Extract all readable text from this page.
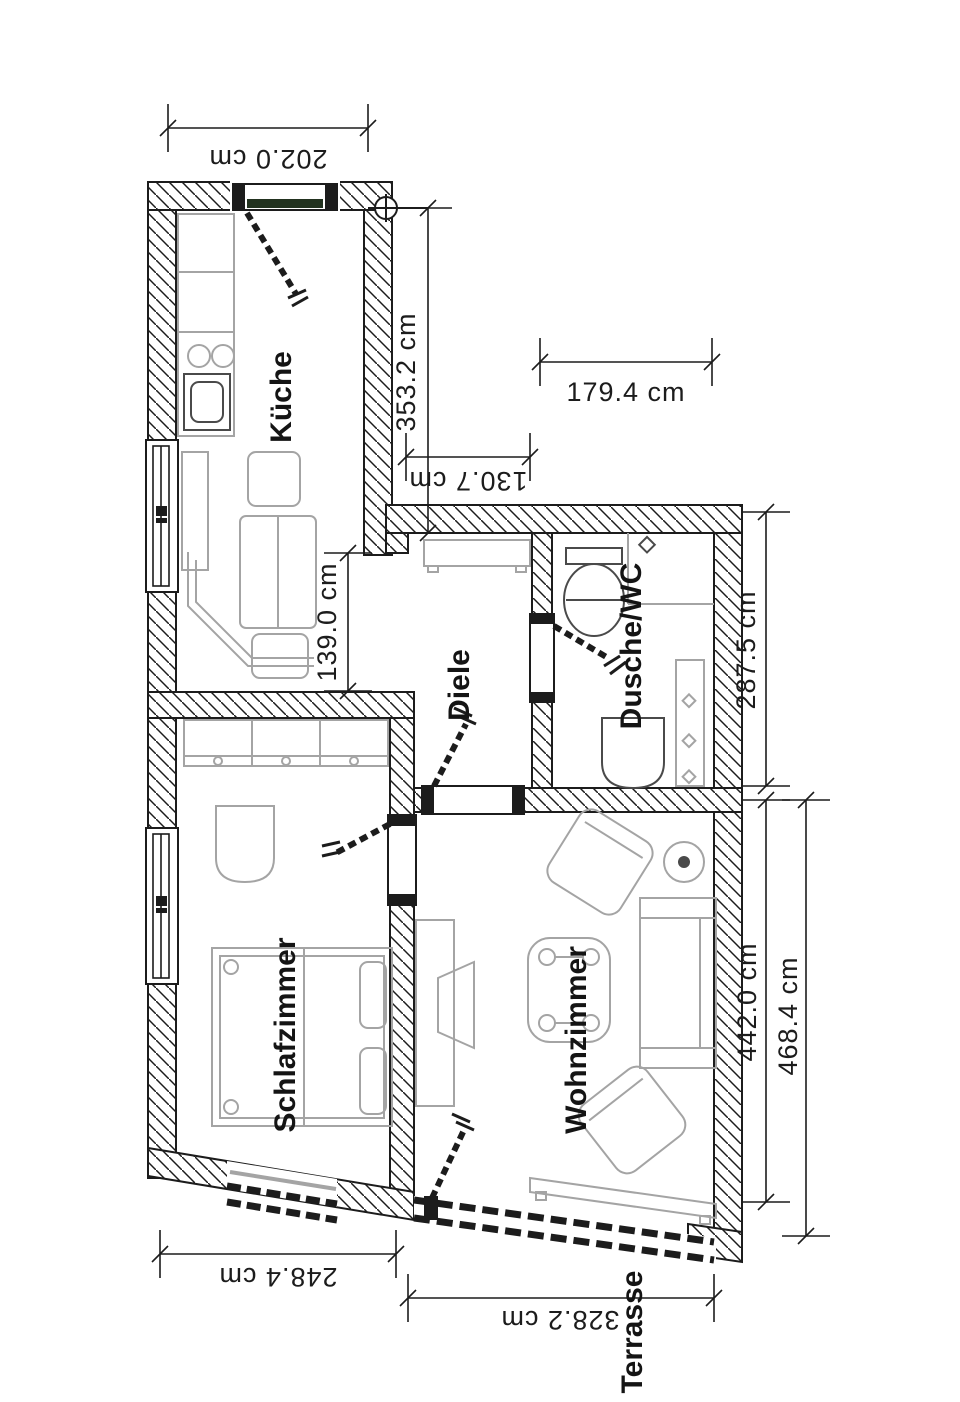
202.0 cm
353.2 cm	179.4 cm
130.7 cm
139.0 cm	287.5 cm
442.0 cm 468.4 cm
248.4 cm
328.2 cm
Küche
Diele	Dusche/WC
Schlafzimmer	Wohnzimmer
Terrasse
